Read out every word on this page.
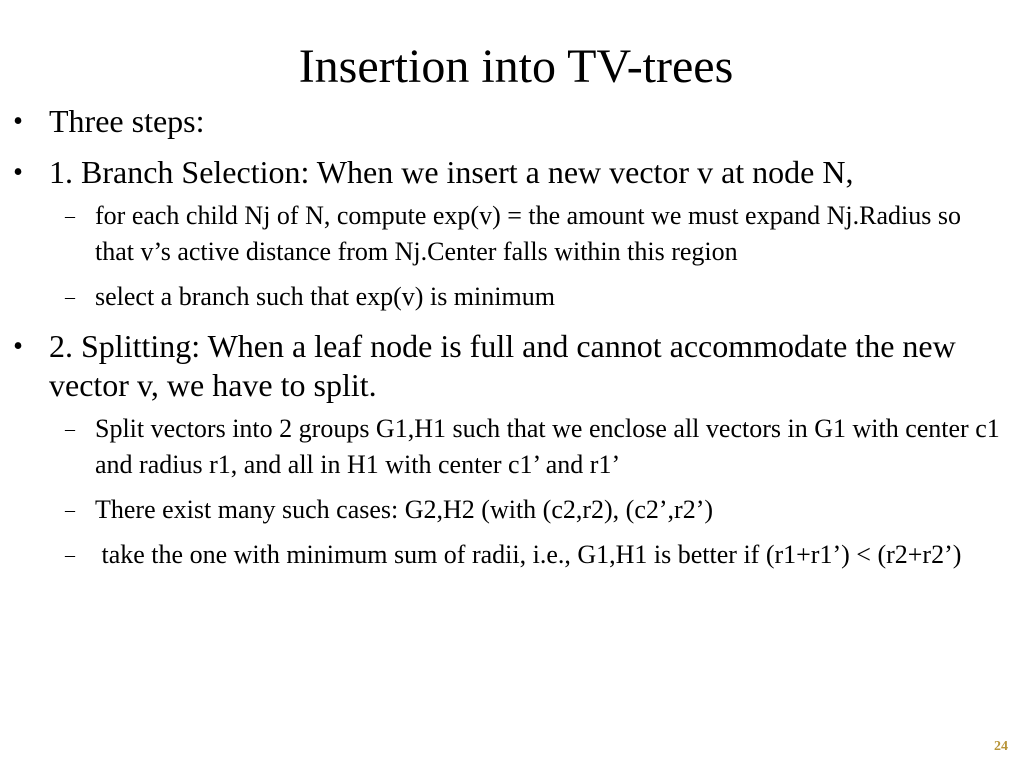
Insertion into TV-trees
• Three steps:
• 1. Branch Selection: When we insert a new vector v at node N,
– for each child Nj of N, compute exp(v) = the amount we must expand Nj.Radius so that v’s active distance from Nj.Center falls within this region
– select a branch such that exp(v) is minimum
• 2. Splitting: When a leaf node is full and cannot accommodate the new vector v, we have to split.
– Split vectors into 2 groups G1,H1 such that we enclose all vectors in G1 with center c1 and radius r1, and all in H1 with center c1’ and r1’
– There exist many such cases: G2,H2 (with (c2,r2), (c2’,r2’)
– take the one with minimum sum of radii, i.e., G1,H1 is better if (r1+r1’) < (r2+r2’)
24
